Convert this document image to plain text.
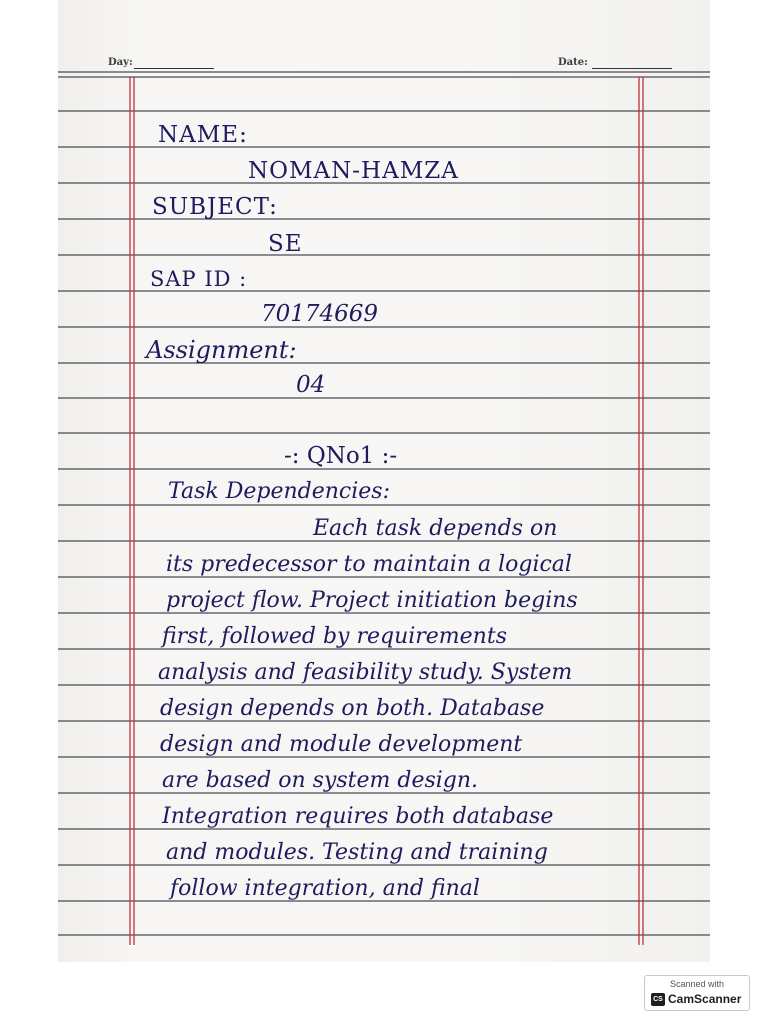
Day:	Date:
NAME:
NOMAN-HAMZA
SUBJECT:
SE
SAP ID :
70174669
Assignment:
04
-: QNo1 :-
Task Dependencies:
Each task depends on
its predecessor to maintain a logical
project flow. Project initiation begins
first, followed by requirements
analysis and feasibility study. System
design depends on both. Database
design and module development
are based on system design.
Integration requires both database
and modules. Testing and training
follow integration, and final
Scanned with
CS CamScanner
